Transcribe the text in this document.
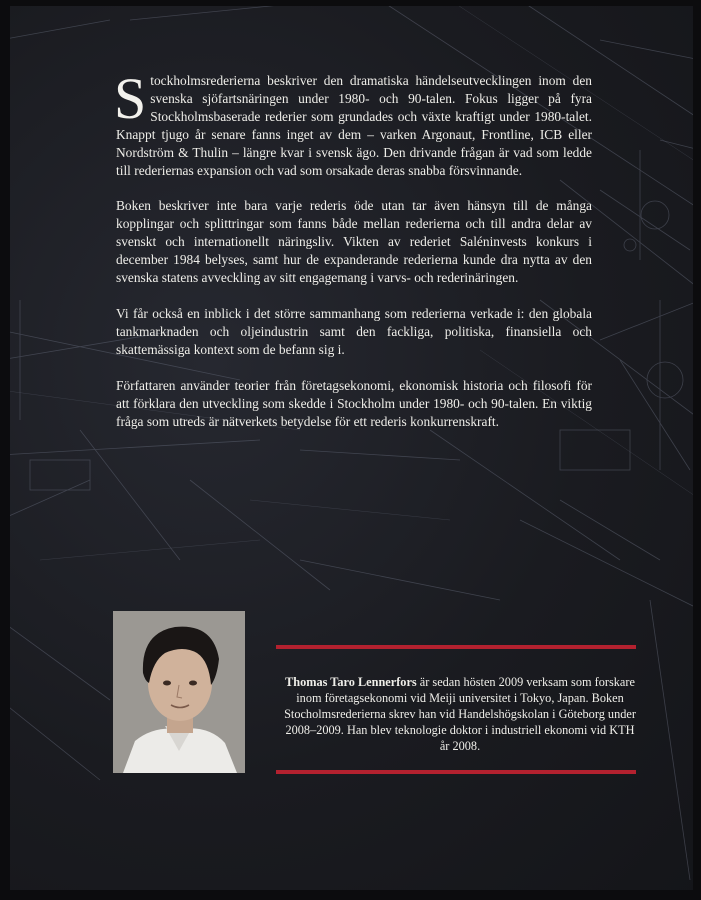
Stockholmsrederierna beskriver den dramatiska händelseutvecklingen inom den svenska sjöfartsnäringen under 1980- och 90-talen. Fokus ligger på fyra Stockholmsbaserade rederier som grundades och växte kraftigt under 1980-talet. Knappt tjugo år senare fanns inget av dem – varken Argonaut, Frontline, ICB eller Nordström & Thulin – längre kvar i svensk ägo. Den drivande frågan är vad som ledde till rederiernas expansion och vad som orsakade deras snabba försvinnande.

Boken beskriver inte bara varje rederis öde utan tar även hänsyn till de många kopplingar och splittringar som fanns både mellan rederierna och till andra delar av svenskt och internationellt näringsliv. Vikten av rederiet Saléninvests konkurs i december 1984 belyses, samt hur de expanderande rederierna kunde dra nytta av den svenska statens avveckling av sitt engagemang i varvs- och rederinäringen.

Vi får också en inblick i det större sammanhang som rederierna verkade i: den globala tankmarknaden och oljeindustrin samt den fackliga, politiska, finansiella och skattemässiga kontext som de befann sig i.

Författaren använder teorier från företagsekonomi, ekonomisk historia och filosofi för att förklara den utveckling som skedde i Stockholm under 1980- och 90-talen. En viktig fråga som utreds är nätverkets betydelse för ett rederis konkurrenskraft.

Thomas Taro Lennerfors är sedan hösten 2009 verksam som forskare inom företagsekonomi vid Meiji universitet i Tokyo, Japan. Boken Stocholmsrederierna skrev han vid Handelshögskolan i Göteborg under 2008–2009. Han blev teknologie doktor i industriell ekonomi vid KTH år 2008.
